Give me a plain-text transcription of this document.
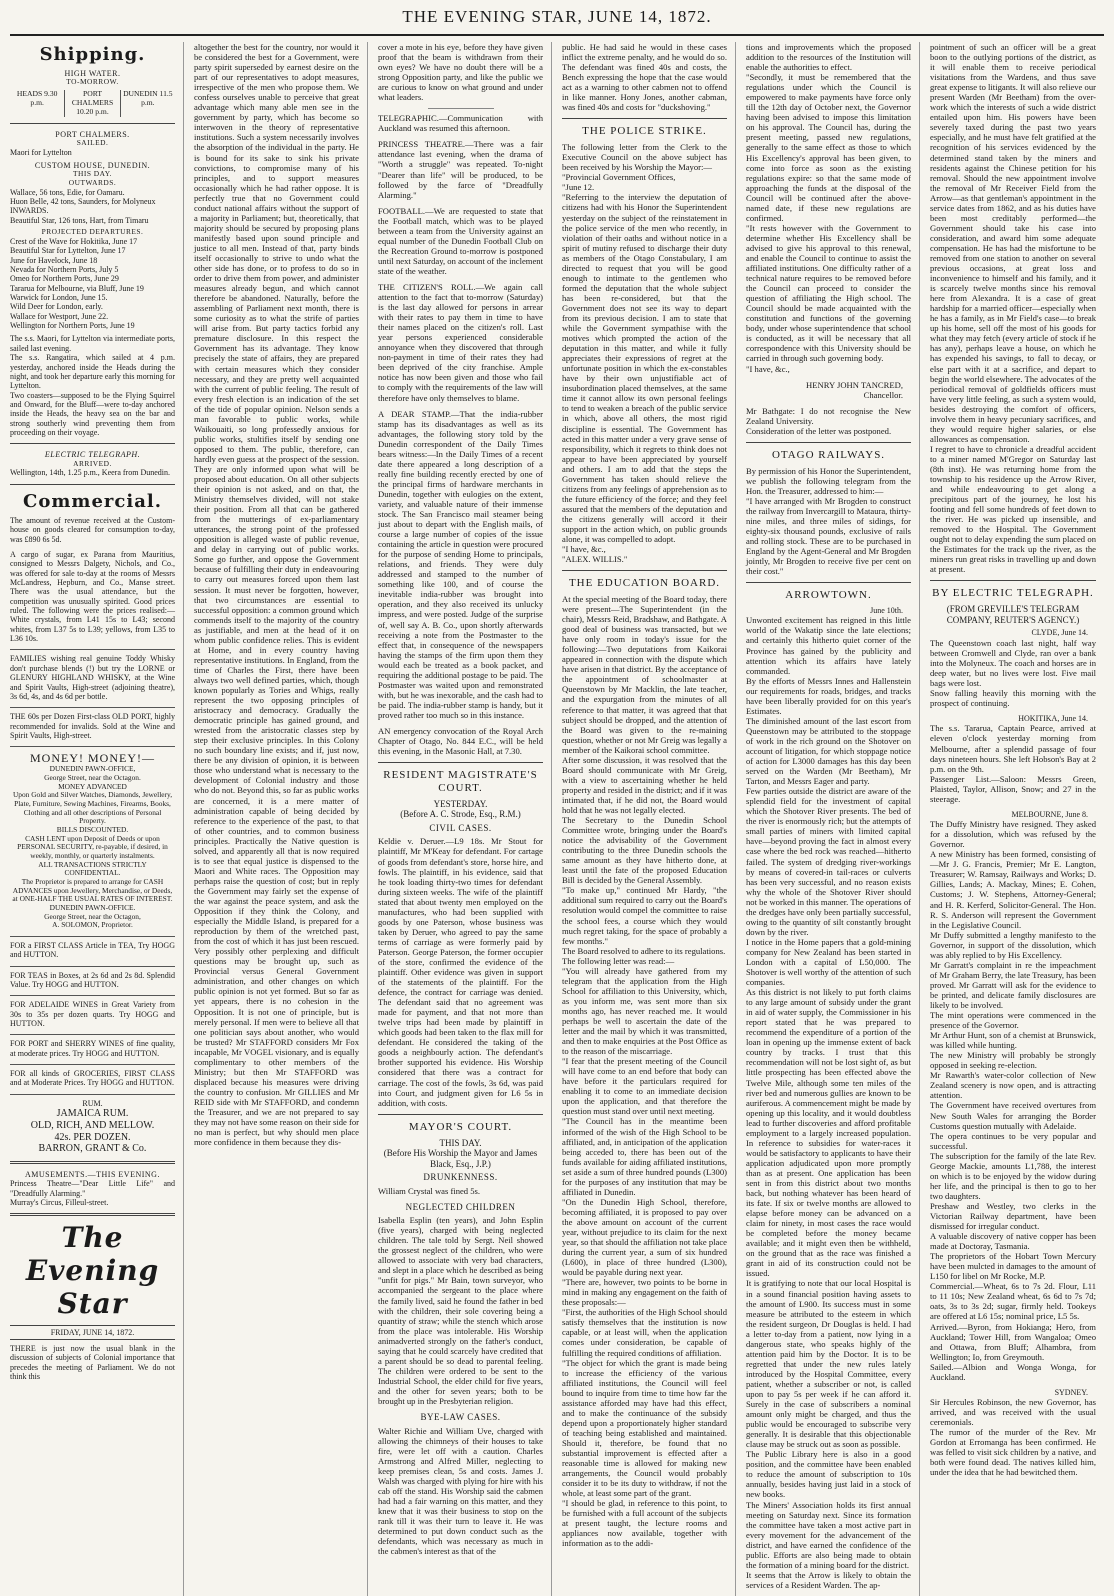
THE EVENING STAR, JUNE 14, 1872.
Shipping.
HIGH WATER.
TO-MORROW.
HEADS 9.30 p.m.
PORT CHALMERS 10.20 p.m.
DUNEDIN 11.5 p.m.
PORT CHALMERS.
SAILED.
Maori for Lyttelton
CUSTOM HOUSE, DUNEDIN.
THIS DAY.
OUTWARDS.
Wallace, 56 tons, Edie, for Oamaru.
Huon Belle, 42 tons, Saunders, for Molyneux
INWARDS.
Beautiful Star, 126 tons, Hart, from Timaru
PROJECTED DEPARTURES.
Crest of the Wave for Hokitika, June 17
Beautiful Star for Lyttelton, June 17
June for Havelock, June 18
Nevada for Northern Ports, July 5
Omeo for Northern Ports, June 29
Tararua for Melbourne, via Bluff, June 19
Warwick for London, June 15.
Wild Deer for London, early.
Wallace for Westport, June 22.
Wellington for Northern Ports, June 19
The s.s. Maori, for Lyttelton via intermediate ports, sailed last evening.
The s.s. Rangatira, which sailed at 4 p.m. yesterday, anchored inside the Heads during the night, and took her departure early this morning for Lyttelton.
Two coasters—supposed to be the Flying Squirrel and Onward, for the Bluff—were to-day anchored inside the Heads, the heavy sea on the bar and strong southerly wind preventing them from proceeding on their voyage.
ELECTRIC TELEGRAPH.
ARRIVED.
Wellington, 14th, 1.25 p.m., Keera from Dunedin.
Commercial.
The amount of revenue received at the Custom-house on goods cleared for consumption to-day, was £890 6s 5d.
A cargo of sugar, ex Parana from Mauritius, consigned to Messrs Dalgety, Nichols, and Co., was offered for sale to-day at the rooms of Messrs McLandress, Hepburn, and Co., Manse street. There was the usual attendance, but the competition was unusually spirited. Good prices ruled. The following were the prices realised:—White crystals, from L41 15s to L43; second whites, from L37 5s to L39; yellows, from L35 to L36 10s.
FAMILIES wishing real genuine Toddy Whisky don't purchase blends (!) but try the LORNE or GLENURY HIGHLAND WHISKY, at the Wine and Spirit Vaults, High-street (adjoining theatre), 3s 6d, 4s, and 4s 6d per bottle.
THE 60s per Dozen First-class OLD PORT, highly recommended for invalids. Sold at the Wine and Spirit Vaults, High-street.
MONEY! MONEY!—
DUNEDIN PAWN-OFFICE,
George Street, near the Octagon.
MONEY ADVANCED
Upon Gold and Silver Watches, Diamonds, Jewellery, Plate, Furniture, Sewing Machines, Firearms, Books, Clothing and all other descriptions of Personal Property.
BILLS DISCOUNTED.
CASH LENT upon Deposit of Deeds or upon PERSONAL SECURITY, re-payable, if desired, in weekly, monthly, or quarterly instalments.
ALL TRANSACTIONS STRICTLY CONFIDENTIAL.
The Proprietor is prepared to arrange for CASH ADVANCES upon Jewellery, Merchandise, or Deeds, at ONE-HALF THE USUAL RATES OF INTEREST.
DUNEDIN PAWN-OFFICE.
George Street, near the Octagon,
A. SOLOMON, Proprietor.
FOR a FIRST CLASS Article in TEA, Try HOGG and HUTTON.
FOR TEAS in Boxes, at 2s 6d and 2s 8d. Splendid Value. Try HOGG and HUTTON.
FOR ADELAIDE WINES in Great Variety from 30s to 35s per dozen quarts. Try HOGG and HUTTON.
FOR PORT and SHERRY WINES of fine quality, at moderate prices. Try HOGG and HUTTON.
FOR all kinds of GROCERIES, FIRST CLASS and at Moderate Prices. Try HOGG and HUTTON.
RUM.
JAMAICA RUM.
OLD, RICH, AND MELLOW.
42s. PER DOZEN.
BARRON, GRANT & Co.
AMUSEMENTS.—THIS EVENING.
Princess Theatre—"Dear Little Life" and "Dreadfully Alarming."
Murray's Circus, Filleul-street.
The Evening Star
FRIDAY, JUNE 14, 1872.
THERE is just now the usual blank in the discussion of subjects of Colonial importance that precedes the meeting of Parliament. We do not think this
altogether the best for the country, nor would it be considered the best for a Government, were party spirit superseded by earnest desire on the part of our representatives to adopt measures, irrespective of the men who propose them. We confess ourselves unable to perceive that great advantage which many able men see in the government by party, which has become so interwoven in the theory of representative institutions. Such a system necessarily involves the absorption of the individual in the party. He is bound for its sake to sink his private convictions, to compromise many of his principles, and to support measures occasionally which he had rather oppose. It is perfectly true that no Government could conduct national affairs without the support of a majority in Parliament; but, theoretically, that majority should be secured by proposing plans manifestly based upon sound principle and justice to all men. Instead of that, party binds itself occasionally to strive to undo what the other side has done, or to profess to do so in order to drive them from power, and administer measures already begun, and which cannot therefore be abandoned. Naturally, before the assembling of Parliament next month, there is some curiosity as to what the strife of parties will arise from. But party tactics forbid any premature disclosure. In this respect the Government has its advantage. They know precisely the state of affairs, they are prepared with certain measures which they consider necessary, and they are pretty well acquainted with the current of public feeling. The result of every fresh election is an indication of the set of the tide of popular opinion. Nelson sends a man favorable to public works, while Waikouaiti, so long professedly anxious for public works, stultifies itself by sending one opposed to them. The public, therefore, can hardly even guess at the prospect of the session. They are only informed upon what will be proposed about education. On all other subjects their opinion is not asked, and on that, the Ministry themselves divided, will not stake their position. From all that can be gathered from the mutterings of ex-parliamentary utterances, the strong point of the professed opposition is alleged waste of public revenue, and delay in carrying out of public works. Some go further, and oppose the Government because of fulfilling their duty in endeavouring to carry out measures forced upon them last session. It must never be forgotten, however, that two circumstances are essential to successful opposition: a common ground which commends itself to the majority of the country as justifiable, and men at the head of it on whom public confidence relies. This is evident at Home, and in every country having representative institutions. In England, from the time of Charles the First, there have been always two well defined parties, which, though known popularly as Tories and Whigs, really represent the two opposing principles of aristocracy and democracy. Gradually the democratic principle has gained ground, and wrested from the aristocratic classes step by step their exclusive principles. In this Colony no such boundary line exists; and if, just now, there be any division of opinion, it is between those who understand what is necessary to the development of Colonial industry and those who do not. Beyond this, so far as public works are concerned, it is a mere matter of administration capable of being decided by reference to the experience of the past, to that of other countries, and to common business principles. Practically the Native question is solved, and apparently all that is now required is to see that equal justice is dispensed to the Maori and White races. The Opposition may perhaps raise the question of cost; but in reply the Government may fairly set the expense of the war against the peace system, and ask the Opposition if they think the Colony, and especially the Middle Island, is prepared for a reproduction by them of the wretched past, from the cost of which it has just been rescued. Very possibly other perplexing and difficult questions may be brought up, such as Provincial versus General Government administration, and other changes on which public opinion is not yet formed. But so far as yet appears, there is no cohesion in the Opposition. It is not one of principle, but is merely personal. If men were to believe all that one politician says about another, who would be trusted? Mr STAFFORD considers Mr Fox incapable, Mr VOGEL visionary, and is equally complimentary to other members of the Ministry; but then Mr STAFFORD was displaced because his measures were driving the country to confusion. Mr GILLIES and Mr REID side with Mr STAFFORD, and condemn the Treasurer, and we are not prepared to say they may not have some reason on their side for no man is perfect, but why should men place more confidence in them because they dis-
cover a mote in his eye, before they have given proof that the beam is withdrawn from their own eyes? We have no doubt there will be a strong Opposition party, and like the public we are curious to know on what ground and under what leaders.
TELEGRAPHIC.—Communication with Auckland was resumed this afternoon.
PRINCESS THEATRE.—There was a fair attendance last evening, when the drama of "Worth a struggle" was repeated. To-night "Dearer than life" will be produced, to be followed by the farce of "Dreadfully Alarming."
FOOTBALL.—We are requested to state that the Football match, which was to be played between a team from the University against an equal number of the Dunedin Football Club on the Recreation Ground to-morrow is postponed until next Saturday, on account of the inclement state of the weather.
THE CITIZEN'S ROLL.—We again call attention to the fact that to-morrow (Saturday) is the last day allowed for persons in arrear with their rates to pay them in time to have their names placed on the citizen's roll. Last year persons experienced considerable annoyance when they discovered that through non-payment in time of their rates they had been deprived of the city franchise. Ample notice has now been given and those who fail to comply with the requirements of the law will therefore have only themselves to blame.
A DEAR STAMP.—That the india-rubber stamp has its disadvantages as well as its advantages, the following story told by the Dunedin correspondent of the Daily Times bears witness:—In the Daily Times of a recent date there appeared a long description of a really fine building recently erected by one of the principal firms of hardware merchants in Dunedin, together with eulogies on the extent, variety, and valuable nature of their immense stock. The San Francisco mail steamer being just about to depart with the English mails, of course a large number of copies of the issue containing the article in question were procured for the purpose of sending Home to principals, relations, and friends. They were duly addressed and stamped to the number of something like 100, and of course the inevitable india-rubber was brought into operation, and they also received its unlucky impress, and were posted. Judge of the surprise of, well say A. B. Co., upon shortly afterwards receiving a note from the Postmaster to the effect that, in consequence of the newspapers having the stamps of the firm upon them they would each be treated as a book packet, and requiring the additional postage to be paid. The Postmaster was waited upon and remonstrated with, but he was inexorable, and the cash had to be paid. The india-rubber stamp is handy, but it proved rather too much so in this instance.
AN emergency convocation of the Royal Arch Chapter of Otago, No. 844 E.C., will be held this evening, in the Masonic Hall, at 7.30.
RESIDENT MAGISTRATE'S COURT.
YESTERDAY.
(Before A. C. Strode, Esq., R.M.)
CIVIL CASES.
Keldie v. Deruer.—L9 18s. Mr Stout for plaintiff, Mr M'Keay for defendant. For cartage of goods from defendant's store, horse hire, and fowls. The plaintiff, in his evidence, said that he took loading thirty-two times for defendant during sixteen weeks. The wife of the plaintiff stated that about twenty men employed on the manufactures, who had been supplied with goods by one Paterson, whose business was taken by Deruer, who agreed to pay the same terms of carriage as were formerly paid by Paterson. George Paterson, the former occupier of the store, confirmed the evidence of the plaintiff. Other evidence was given in support of the statements of the plaintiff. For the defence, the contract for carriage was denied. The defendant said that no agreement was made for payment, and that not more than twelve trips had been made by plaintiff in which goods had been taken to the flax mill for defendant. He considered the taking of the goods a neighbourly action. The defendant's brother supported his evidence. His Worship considered that there was a contract for carriage. The cost of the fowls, 3s 6d, was paid into Court, and judgment given for L6 5s in addition, with costs.
MAYOR'S COURT.
THIS DAY.
(Before His Worship the Mayor and James Black, Esq., J.P.)
DRUNKENNESS.
William Crystal was fined 5s.
NEGLECTED CHILDREN
Isabella Esplin (ten years), and John Esplin (five years), charged with being neglected children. The tale told by Sergt. Neil showed the grossest neglect of the children, who were allowed to associate with very bad characters, and slept in a place which he described as being "unfit for pigs." Mr Bain, town surveyor, who accompanied the sergeant to the place where the family lived, said he found the father in bed with the children, their sole covering being a quantity of straw; while the stench which arose from the place was intolerable. His Worship animadverted strongly on the father's conduct, saying that he could scarcely have credited that a parent should be so dead to parental feeling. The children were ordered to be sent to the Industrial School, the elder child for five years, and the other for seven years; both to be brought up in the Presbyterian religion.
BYE-LAW CASES.
Walter Richie and William Uve, charged with allowing the chimneys of their houses to take fire, were let off with a caution. Charles Armstrong and Alfred Miller, neglecting to keep premises clean, 5s and costs. James J. Walsh was charged with plying for hire with his cab off the stand. His Worship said the cabmen had had a fair warning on this matter, and they knew that it was their business to stop on the rank till it was their turn to leave it. He was determined to put down conduct such as the defendants, which was necessary as much in the cabmen's interest as that of the
public. He had said he would in these cases inflict the extreme penalty, and he would do so. The defendant was fined 40s and costs, the Bench expressing the hope that the case would act as a warning to other cabmen not to offend in like manner. Hony Jones, another cabman, was fined 40s and costs for "duckshoving."
THE POLICE STRIKE.
The following letter from the Clerk to the Executive Council on the above subject has been received by his Worship the Mayor:—
"Provincial Government Offices,
"June 12.
"Referring to the interview the deputation of citizens had with his Honor the Superintendent yesterday on the subject of the reinstatement in the police service of the men who recently, in violation of their oaths and without notice in a spirit of mutiny refused to discharge their duty as members of the Otago Constabulary, I am directed to request that you will be good enough to intimate to the gentlemen who formed the deputation that the whole subject has been re-considered, but that the Government does not see its way to depart from its previous decision. I am to state that while the Government sympathise with the motives which prompted the action of the deputation in this matter, and while it fully appreciates their expressions of regret at the unfortunate position in which the ex-constables have by their own unjustifiable act of insubordination placed themselves, at the same time it cannot allow its own personal feelings to tend to weaken a breach of the public service in which, above all others, the most rigid discipline is essential. The Government has acted in this matter under a very grave sense of responsibility, which it regrets to think does not appear to have been appreciated by yourself and others. I am to add that the steps the Government has taken should relieve the citizens from any feelings of apprehension as to the future efficiency of the force; and they feel assured that the members of the deputation and the citizens generally will accord it their support in the action which, on public grounds alone, it was compelled to adopt.
"I have, &c.,
"ALEX. WILLIS."
THE EDUCATION BOARD.
At the special meeting of the Board today, there were present—The Superintendent (in the chair), Messrs Reid, Bradshaw, and Bathgate. A good deal of business was transacted, but we have only room in today's issue for the following:—Two deputations from Kaikorai appeared in connection with the dispute which have arisen in that district. By the acceptance of the appointment of schoolmaster at Queenstown by Mr Macklin, the late teacher, and the expurgation from the minutes of all reference to that matter, it was agreed that that subject should be dropped, and the attention of the Board was given to the re-maining question, whether or not Mr Greig was legally a member of the Kaikorai school committee.
After some discussion, it was resolved that the Board should communicate with Mr Greig, with a view to ascertaining whether he held property and resided in the district; and if it was intimated that, if he did not, the Board would hold that he was not legally elected.
The Secretary to the Dunedin School Committee wrote, bringing under the Board's notice the advisability of the Government contributing to the three Dunedin schools the same amount as they have hitherto done, at least until the fate of the proposed Education Bill is decided by the General Assembly.
"To make up," continued Mr Hardy, "the additional sum required to carry out the Board's resolution would compel the committee to raise the school fees, a course which they would much regret taking, for the space of probably a few months."
The Board resolved to adhere to its regulations.
The following letter was read:—
"You will already have gathered from my telegram that the application from the High School for affiliation to this University, which, as you inform me, was sent more than six months ago, has never reached me. It would perhaps be well to ascertain the date of the letter and the mail by which it was transmitted, and then to make enquiries at the Post Office as to the reason of the miscarriage.
"I fear that the present meeting of the Council will have come to an end before that body can have before it the particulars required for enabling it to come to an immediate decision upon the application, and that therefore the question must stand over until next meeting.
"The Council has in the meantime been informed of the wish of the High School to be affiliated, and, in anticipation of the application being acceded to, there has been out of the funds available for aiding affiliated institutions, set aside a sum of three hundred pounds (L300) for the purposes of any institution that may be affiliated in Dunedin.
"On the Dunedin High School, therefore, becoming affiliated, it is proposed to pay over the above amount on account of the current year, without prejudice to its claim for the next year, so that should the affiliation not take place during the current year, a sum of six hundred (L600), in place of three hundred (L300), would be payable during next year.
"There are, however, two points to be borne in mind in making any engagement on the faith of these proposals:—
"First, the authorities of the High School should satisfy themselves that the institution is now capable, or at least will, when the application comes under consideration, be capable of fulfilling the required conditions of affiliation.
"The object for which the grant is made being to increase the efficiency of the various affiliated institutions, the Council will feel bound to inquire from time to time how far the assistance afforded may have had this effect, and to make the continuance of the subsidy depend upon a proportionately higher standard of teaching being established and maintained. Should it, therefore, be found that no substantial improvement is effected after a reasonable time is allowed for making new arrangements, the Council would probably consider it to be its duty to withdraw, if not the whole, at least some part of the grant.
"I should be glad, in reference to this point, to be furnished with a full account of the subjects at present taught, the lecture rooms and appliances now available, together with information as to the addi-
tions and improvements which the proposed addition to the resources of the Institution will enable the authorities to effect.
"Secondly, it must be remembered that the regulations under which the Council is empowered to make payments have force only till the 12th day of October next, the Governor having been advised to impose this limitation on his approval. The Council has, during the present meeting, passed new regulations, generally to the same effect as those to which His Excellency's approval has been given, to come into force as soon as the existing regulations expire: so that the same mode of approaching the funds at the disposal of the Council will be continued after the above-named date, if these new regulations are confirmed.
"It rests however with the Government to determine whether His Excellency shall be advised to give his approval to this renewal, and enable the Council to continue to assist the affiliated institutions. One difficulty rather of a technical nature requires to be removed before the Council can proceed to consider the question of affiliating the High school. The Council should be made acquainted with the constitution and functions of the governing body, under whose superintendence that school is conducted, as it will be necessary that all correspondence with this University should be carried in through such governing body.
"I have, &c.,
HENRY JOHN TANCRED,
Chancellor.
Mr Bathgate: I do not recognise the New Zealand University.
Consideration of the letter was postponed.
OTAGO RAILWAYS.
By permission of his Honor the Superintendent, we publish the following telegram from the Hon. the Treasurer, addressed to him:—
"I have arranged with Mr Brogden to construct the railway from Invercargill to Mataura, thirty-nine miles, and three miles of sidings, for eighty-six thousand pounds, exclusive of rails and rolling stock. These are to be purchased in England by the Agent-General and Mr Brogden jointly, Mr Brogden to receive five per cent on their cost."
ARROWTOWN.
June 10th.
Unwonted excitement has reigned in this little world of the Wakatip since the late elections; and certainly this hitherto quiet corner of the Province has gained by the publicity and attention which its affairs have lately commanded.
By the efforts of Messrs Innes and Hallenstein our requirements for roads, bridges, and tracks have been liberally provided for on this year's Estimates.
The diminished amount of the last escort from Queenstown may be attributed to the stoppage of work in the rich ground on the Shotover on account of litigation, for which stoppage notice of action for L3000 damages has this day been served on the Warden (Mr Beetham), Mr Tarton, and Messrs Eager and party.
Few parties outside the district are aware of the splendid field for the investment of capital which the Shotover River presents. The bed of the river is enormously rich; but the attempts of small parties of miners with limited capital have—beyond proving the fact in almost every case where the bed rock was reached—hitherto failed. The system of dredging river-workings by means of covered-in tail-races or culverts has been very successful, and no reason exists why the whole of the Shotover River should not be worked in this manner. The operations of the dredges have only been partially successful, owing to the quantity of silt constantly brought down by the river.
I notice in the Home papers that a gold-mining company for New Zealand has been started in London with a capital of L50,000. The Shotover is well worthy of the attention of such companies.
As this district is not likely to put forth claims to any large amount of subsidy under the grant in aid of water supply, the Commissioner in his report stated that he was prepared to recommend the expenditure of a portion of the loan in opening up the immense extent of back country by tracks. I trust that this recommendation will not be lost sight of, as but little prospecting has been effected above the Twelve Mile, although some ten miles of the river bed and numerous gullies are known to be auriferous. A commencement might be made by opening up this locality, and it would doubtless lead to further discoveries and afford profitable employment to a largely increased population. In reference to subsidies for water-races it would be satisfactory to applicants to have their application adjudicated upon more promptly than as at present. One application has been sent in from this district about two months back, but nothing whatever has been heard of its fate. If six or twelve months are allowed to elapse before money can be advanced on a claim for ninety, in most cases the race would be completed before the money became available; and it might even then be withheld, on the ground that as the race was finished a grant in aid of its construction could not be issued.
It is gratifying to note that our local Hospital is in a sound financial position having assets to the amount of L900. Its success must in some measure be attributed to the esteem in which the resident surgeon, Dr Douglas is held. I had a letter to-day from a patient, now lying in a dangerous state, who speaks highly of the attention paid him by the Doctor. It is to be regretted that under the new rules lately introduced by the Hospital Committee, every patient, whether a subscriber or not, is called upon to pay 5s per week if he can afford it. Surely in the case of subscribers a nominal amount only might be charged, and thus the public would be encouraged to subscribe very generally. It is desirable that this objectionable clause may be struck out as soon as possible.
The Public Library here is also in a good position, and the committee have been enabled to reduce the amount of subscription to 10s annually, besides having just laid in a stock of new books.
The Miners' Association holds its first annual meeting on Saturday next. Since its formation the committee have taken a most active part in every movement for the advancement of the district, and have earned the confidence of the public. Efforts are also being made to obtain the formation of a mining board for the district.
It seems that the Arrow is likely to obtain the services of a Resident Warden. The ap-
pointment of such an officer will be a great boon to the outlying portions of the district, as it will enable them to receive periodical visitations from the Wardens, and thus save great expense to litigants. It will also relieve our present Warden (Mr Beetham) from the over-work which the interests of such a wide district entailed upon him. His powers have been severely taxed during the past two years especially, and he must have felt gratified at the recognition of his services evidenced by the determined stand taken by the miners and residents against the Chinese petition for his removal. Should the new appointment involve the removal of Mr Receiver Field from the Arrow—as that gentleman's appointment in the service dates from 1862, and as his duties have been most creditably performed—the Government should take his case into consideration, and award him some adequate compensation. He has had the misfortune to be removed from one station to another on several previous occasions, at great loss and inconvenience to himself and his family, and it is scarcely twelve months since his removal here from Alexandra. It is a case of great hardship for a married officer—especially when he has a family, as in Mr Field's case—to break up his home, sell off the most of his goods for what they may fetch (every article of stock if he has any), perhaps leave a house, on which he has expended his savings, to fall to decay, or else part with it at a sacrifice, and depart to begin the world elsewhere. The advocates of the periodical removal of goldfields officers must have very little feeling, as such a system would, besides destroying the comfort of officers, involve them in heavy pecuniary sacrifices, and they would require higher salaries, or else allowances as compensation.
I regret to have to chronicle a dreadful accident to a miner named M'Gregor on Saturday last (8th inst). He was returning home from the township to his residence up the Arrow River, and while endeavouring to get along a precipitous part of the journey, he lost his footing and fell some hundreds of feet down to the river. He was picked up insensible, and removed to the Hospital. The Government ought not to delay expending the sum placed on the Estimates for the track up the river, as the miners run great risks in travelling up and down at present.
BY ELECTRIC TELEGRAPH.
(FROM GREVILLE'S TELEGRAM COMPANY, REUTER'S AGENCY.)
CLYDE, June 14.
The Queenstown coach last night, half way between Cromwell and Clyde, ran over a bank into the Molyneux. The coach and horses are in deep water, but no lives were lost. Five mail bags were lost.
Snow falling heavily this morning with the prospect of continuing.
HOKITIKA, June 14.
The s.s. Tararua, Captain Pearce, arrived at eleven o'clock yesterday morning from Melbourne, after a splendid passage of four days nineteen hours. She left Hobson's Bay at 2 p.m. on the 9th.
Passenger List.—Saloon: Messrs Green, Plaisted, Taylor, Allison, Snow; and 27 in the steerage.
MELBOURNE, June 8.
The Duffy Ministry have resigned. They asked for a dissolution, which was refused by the Governor.
A new Ministry has been formed, consisting of—Mr J. G. Francis, Premier; Mr E. Langton, Treasurer; W. Ramsay, Railways and Works; D. Gillies, Lands; A. Mackay, Mines; E. Cohen, Customs; J. W. Stephens, Attorney-General; and H. R. Kerferd, Solicitor-General. The Hon. R. S. Anderson will represent the Government in the Legislative Council.
Mr Duffy submitted a lengthy manifesto to the Governor, in support of the dissolution, which was ably replied to by His Excellency.
Mr Garratt's complaint in re the impeachment of Mr Graham Berry, the late Treasury, has been proved. Mr Garratt will ask for the evidence to be printed, and delicate family disclosures are likely to be involved.
The mint operations were commenced in the presence of the Governor.
Mr Arthur Hunt, son of a chemist at Brunswick, was killed while hunting.
The new Ministry will probably be strongly opposed in seeking re-election.
Mr Rawarth's water-color collection of New Zealand scenery is now open, and is attracting attention.
The Government have received overtures from New South Wales for arranging the Border Customs question mutually with Adelaide.
The opera continues to be very popular and successful.
The subscription for the family of the late Rev. George Mackie, amounts L1,788, the interest on which is to be enjoyed by the widow during her life, and the principal is then to go to her two daughters.
Preshaw and Westley, two clerks in the Victorian Railway department, have been dismissed for irregular conduct.
A valuable discovery of native copper has been made at Doctoray, Tasmania.
The proprietors of the Hobart Town Mercury have been mulcted in damages to the amount of L150 for libel on Mr Rocke, M.P.
Commercial.—Wheat, 6s to 7s 2d. Flour, L11 to 11 10s; New Zealand wheat, 6s 6d to 7s 7d; oats, 3s to 3s 2d; sugar, firmly held. Tookeys are offered at L6 15s; nominal price, L5 5s.
Arrived.—Byron, from Hokianga; Hero, from Auckland; Tower Hill, from Wangaloa; Omeo and Ottawa, from Bluff; Alhambra, from Wellington; Io, from Greymouth.
Sailed.—Albion and Wonga Wonga, for Auckland.
SYDNEY.
Sir Hercules Robinson, the new Governor, has arrived, and was received with the usual ceremonials.
The rumor of the murder of the Rev. Mr Gordon at Erromanga has been confirmed. He was felled to visit sick children by a native, and both were found dead. The natives killed him, under the idea that he had bewitched them.
